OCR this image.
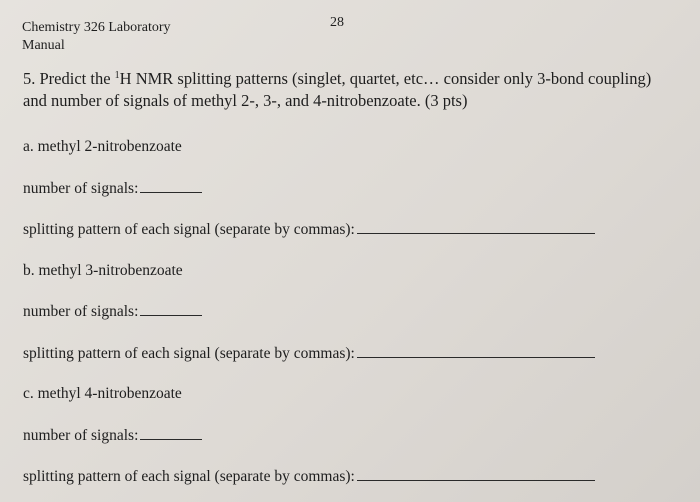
Chemistry 326 Laboratory
Manual
28
5. Predict the $^1$H NMR splitting patterns (singlet, quartet, etc… consider only 3-bond coupling) and number of signals of methyl 2-, 3-, and 4-nitrobenzoate. (3 pts)
a. methyl 2-nitrobenzoate
number of signals:
splitting pattern of each signal (separate by commas):
b. methyl 3-nitrobenzoate
number of signals:
splitting pattern of each signal (separate by commas):
c. methyl 4-nitrobenzoate
number of signals:
splitting pattern of each signal (separate by commas):
